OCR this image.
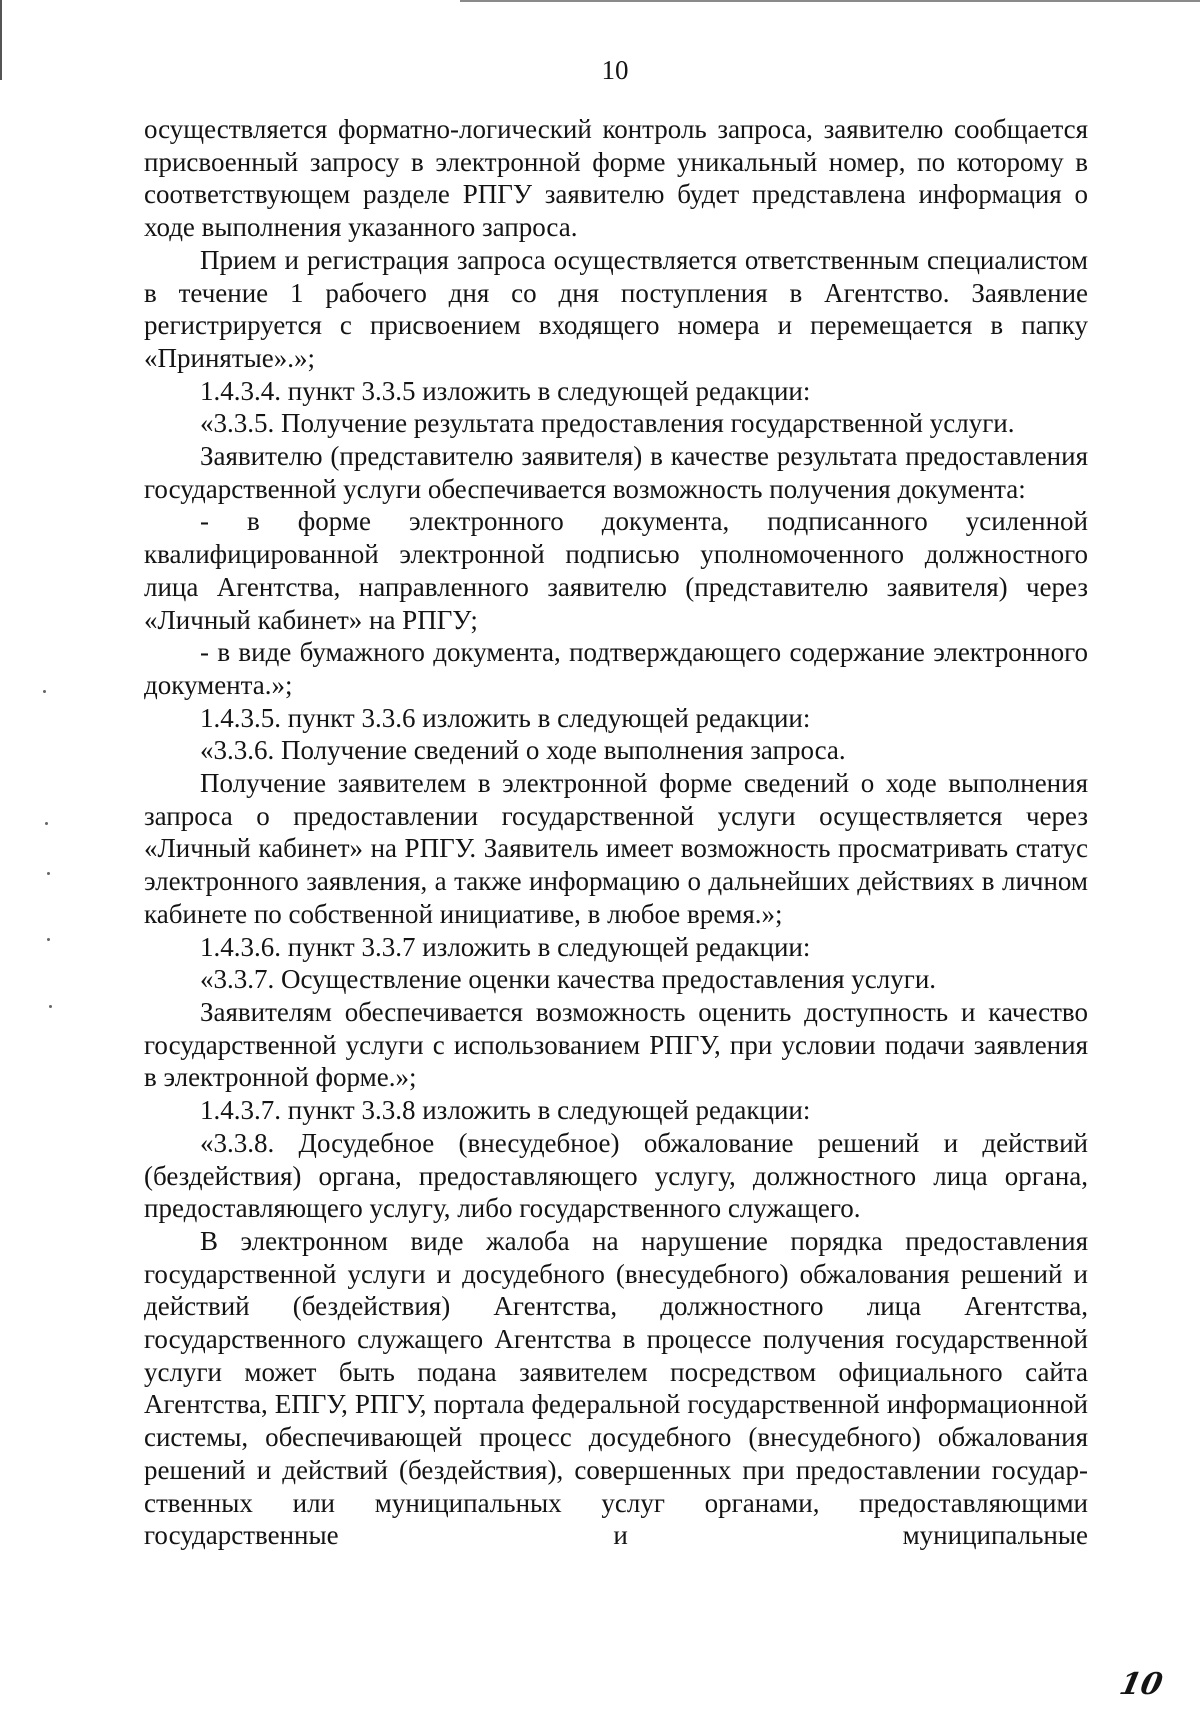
10

осуществляется форматно-логический контроль запроса, заявителю сообщается присвоенный запросу в электронной форме уникальный номер, по которому в соответствующем разделе РПГУ заявителю будет представлена информация о ходе выполнения указанного запроса.

Прием и регистрация запроса осуществляется ответственным специалистом в течение 1 рабочего дня со дня поступления в Агентство. Заявление регистрируется с присвоением входящего номера и перемещается в папку «Принятые».»;

1.4.3.4. пункт 3.3.5 изложить в следующей редакции:

«3.3.5. Получение результата предоставления государственной услуги.

Заявителю (представителю заявителя) в качестве результата предоставления государственной услуги обеспечивается возможность получения документа:

- в форме электронного документа, подписанного усиленной квалифицированной электронной подписью уполномоченного должностного лица Агентства, направленного заявителю (представителю заявителя) через «Личный кабинет» на РПГУ;

- в виде бумажного документа, подтверждающего содержание электронного документа.»;

1.4.3.5. пункт 3.3.6 изложить в следующей редакции:

«3.3.6. Получение сведений о ходе выполнения запроса.

Получение заявителем в электронной форме сведений о ходе выполнения запроса о предоставлении государственной услуги осуществляется через «Личный кабинет» на РПГУ. Заявитель имеет возможность просматривать статус электронного заявления, а также информацию о дальнейших действиях в личном кабинете по собственной инициативе, в любое время.»;

1.4.3.6. пункт 3.3.7 изложить в следующей редакции:

«3.3.7. Осуществление оценки качества предоставления услуги.

Заявителям обеспечивается возможность оценить доступность и качество государственной услуги с использованием РПГУ, при условии подачи заявления в электронной форме.»;

1.4.3.7. пункт 3.3.8 изложить в следующей редакции:

«3.3.8. Досудебное (внесудебное) обжалование решений и действий (бездействия) органа, предоставляющего услугу, должностного лица органа, предоставляющего услугу, либо государственного служащего.

В электронном виде жалоба на нарушение порядка предоставления государственной услуги и досудебного (внесудебного) обжалования решений и действий (бездействия) Агентства, должностного лица Агентства, государственного служащего Агентства в процессе получения государственной услуги может быть подана заявителем посредством официального сайта Агентства, ЕПГУ, РПГУ, портала федеральной государственной информационной системы, обеспечивающей процесс досудебного (внесудебного) обжалования решений и действий (бездействия), совершенных при предоставлении государ-ственных или муниципальных услуг органами, предоставляющими государственные и муниципальные

10
